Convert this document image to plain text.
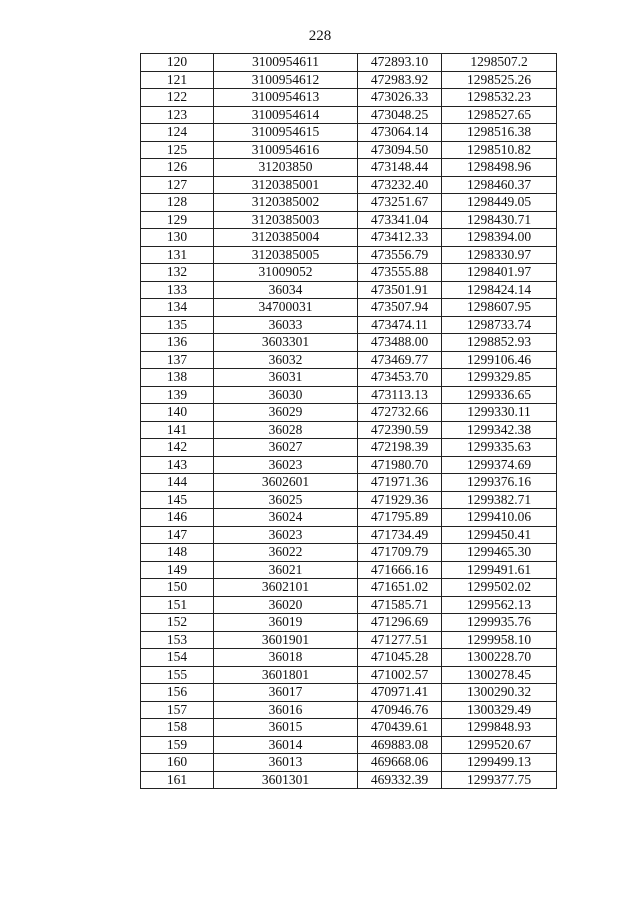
228
120	3100954611	472893.10	1298507.2
121	3100954612	472983.92	1298525.26
122	3100954613	473026.33	1298532.23
123	3100954614	473048.25	1298527.65
124	3100954615	473064.14	1298516.38
125	3100954616	473094.50	1298510.82
126	31203850	473148.44	1298498.96
127	3120385001	473232.40	1298460.37
128	3120385002	473251.67	1298449.05
129	3120385003	473341.04	1298430.71
130	3120385004	473412.33	1298394.00
131	3120385005	473556.79	1298330.97
132	31009052	473555.88	1298401.97
133	36034	473501.91	1298424.14
134	34700031	473507.94	1298607.95
135	36033	473474.11	1298733.74
136	3603301	473488.00	1298852.93
137	36032	473469.77	1299106.46
138	36031	473453.70	1299329.85
139	36030	473113.13	1299336.65
140	36029	472732.66	1299330.11
141	36028	472390.59	1299342.38
142	36027	472198.39	1299335.63
143	36023	471980.70	1299374.69
144	3602601	471971.36	1299376.16
145	36025	471929.36	1299382.71
146	36024	471795.89	1299410.06
147	36023	471734.49	1299450.41
148	36022	471709.79	1299465.30
149	36021	471666.16	1299491.61
150	3602101	471651.02	1299502.02
151	36020	471585.71	1299562.13
152	36019	471296.69	1299935.76
153	3601901	471277.51	1299958.10
154	36018	471045.28	1300228.70
155	3601801	471002.57	1300278.45
156	36017	470971.41	1300290.32
157	36016	470946.76	1300329.49
158	36015	470439.61	1299848.93
159	36014	469883.08	1299520.67
160	36013	469668.06	1299499.13
161	3601301	469332.39	1299377.75
